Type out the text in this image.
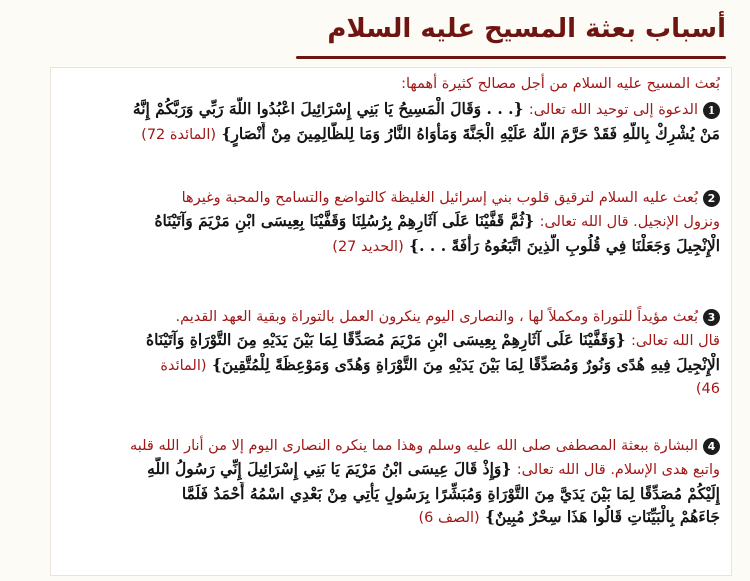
أسباب بعثة المسيح عليه السلام
بُعث المسيح عليه السلام من أجل مصالح كثيرة أهمها:
1الدعوة إلى توحيد الله تعالى: {. . . وَقَالَ الْمَسِيحُ يَا بَنِي إِسْرَائِيلَ اعْبُدُوا اللَّهَ رَبِّي وَرَبَّكُمْ إِنَّهُ
مَنْ يُشْرِكْ بِاللَّهِ فَقَدْ حَرَّمَ اللَّهُ عَلَيْهِ الْجَنَّةَ وَمَأْوَاهُ النَّارُ وَمَا لِلظَّالِمِينَ مِنْ أَنْصَارٍ} (المائدة 72)
2بُعث عليه السلام لترقيق قلوب بني إسرائيل الغليظة كالتواضع والتسامح والمحبة وغيرها
ونزول الإنجيل. قال الله تعالى: {ثُمَّ قَفَّيْنَا عَلَى آثَارِهِمْ بِرُسُلِنَا وَقَفَّيْنَا بِعِيسَى ابْنِ مَرْيَمَ وَآتَيْنَاهُ
الْإِنْجِيلَ وَجَعَلْنَا فِي قُلُوبِ الَّذِينَ اتَّبَعُوهُ رَأْفَةً . . .} (الحديد 27)
3بُعث مؤيداً للتوراة ومكملاً لها ، والنصارى اليوم ينكرون العمل بالتوراة وبقية العهد القديم.
قال الله تعالى: {وَقَفَّيْنَا عَلَى آثَارِهِمْ بِعِيسَى ابْنِ مَرْيَمَ مُصَدِّقًا لِمَا بَيْنَ يَدَيْهِ مِنَ التَّوْرَاةِ وَآتَيْنَاهُ
الْإِنْجِيلَ فِيهِ هُدًى وَنُورٌ وَمُصَدِّقًا لِمَا بَيْنَ يَدَيْهِ مِنَ التَّوْرَاةِ وَهُدًى وَمَوْعِظَةً لِلْمُتَّقِينَ} (المائدة
46)
4البشارة ببعثة المصطفى صلى الله عليه وسلم وهذا مما ينكره النصارى اليوم إلا من أنار الله قلبه
واتبع هدى الإسلام. قال الله تعالى: {وَإِذْ قَالَ عِيسَى ابْنُ مَرْيَمَ يَا بَنِي إِسْرَائِيلَ إِنِّي رَسُولُ اللَّهِ
إِلَيْكُمْ مُصَدِّقًا لِمَا بَيْنَ يَدَيَّ مِنَ التَّوْرَاةِ وَمُبَشِّرًا بِرَسُولٍ يَأْتِي مِنْ بَعْدِي اسْمُهُ أَحْمَدُ فَلَمَّا
جَاءَهُمْ بِالْبَيِّنَاتِ قَالُوا هَذَا سِحْرٌ مُبِينٌ} (الصف 6)
